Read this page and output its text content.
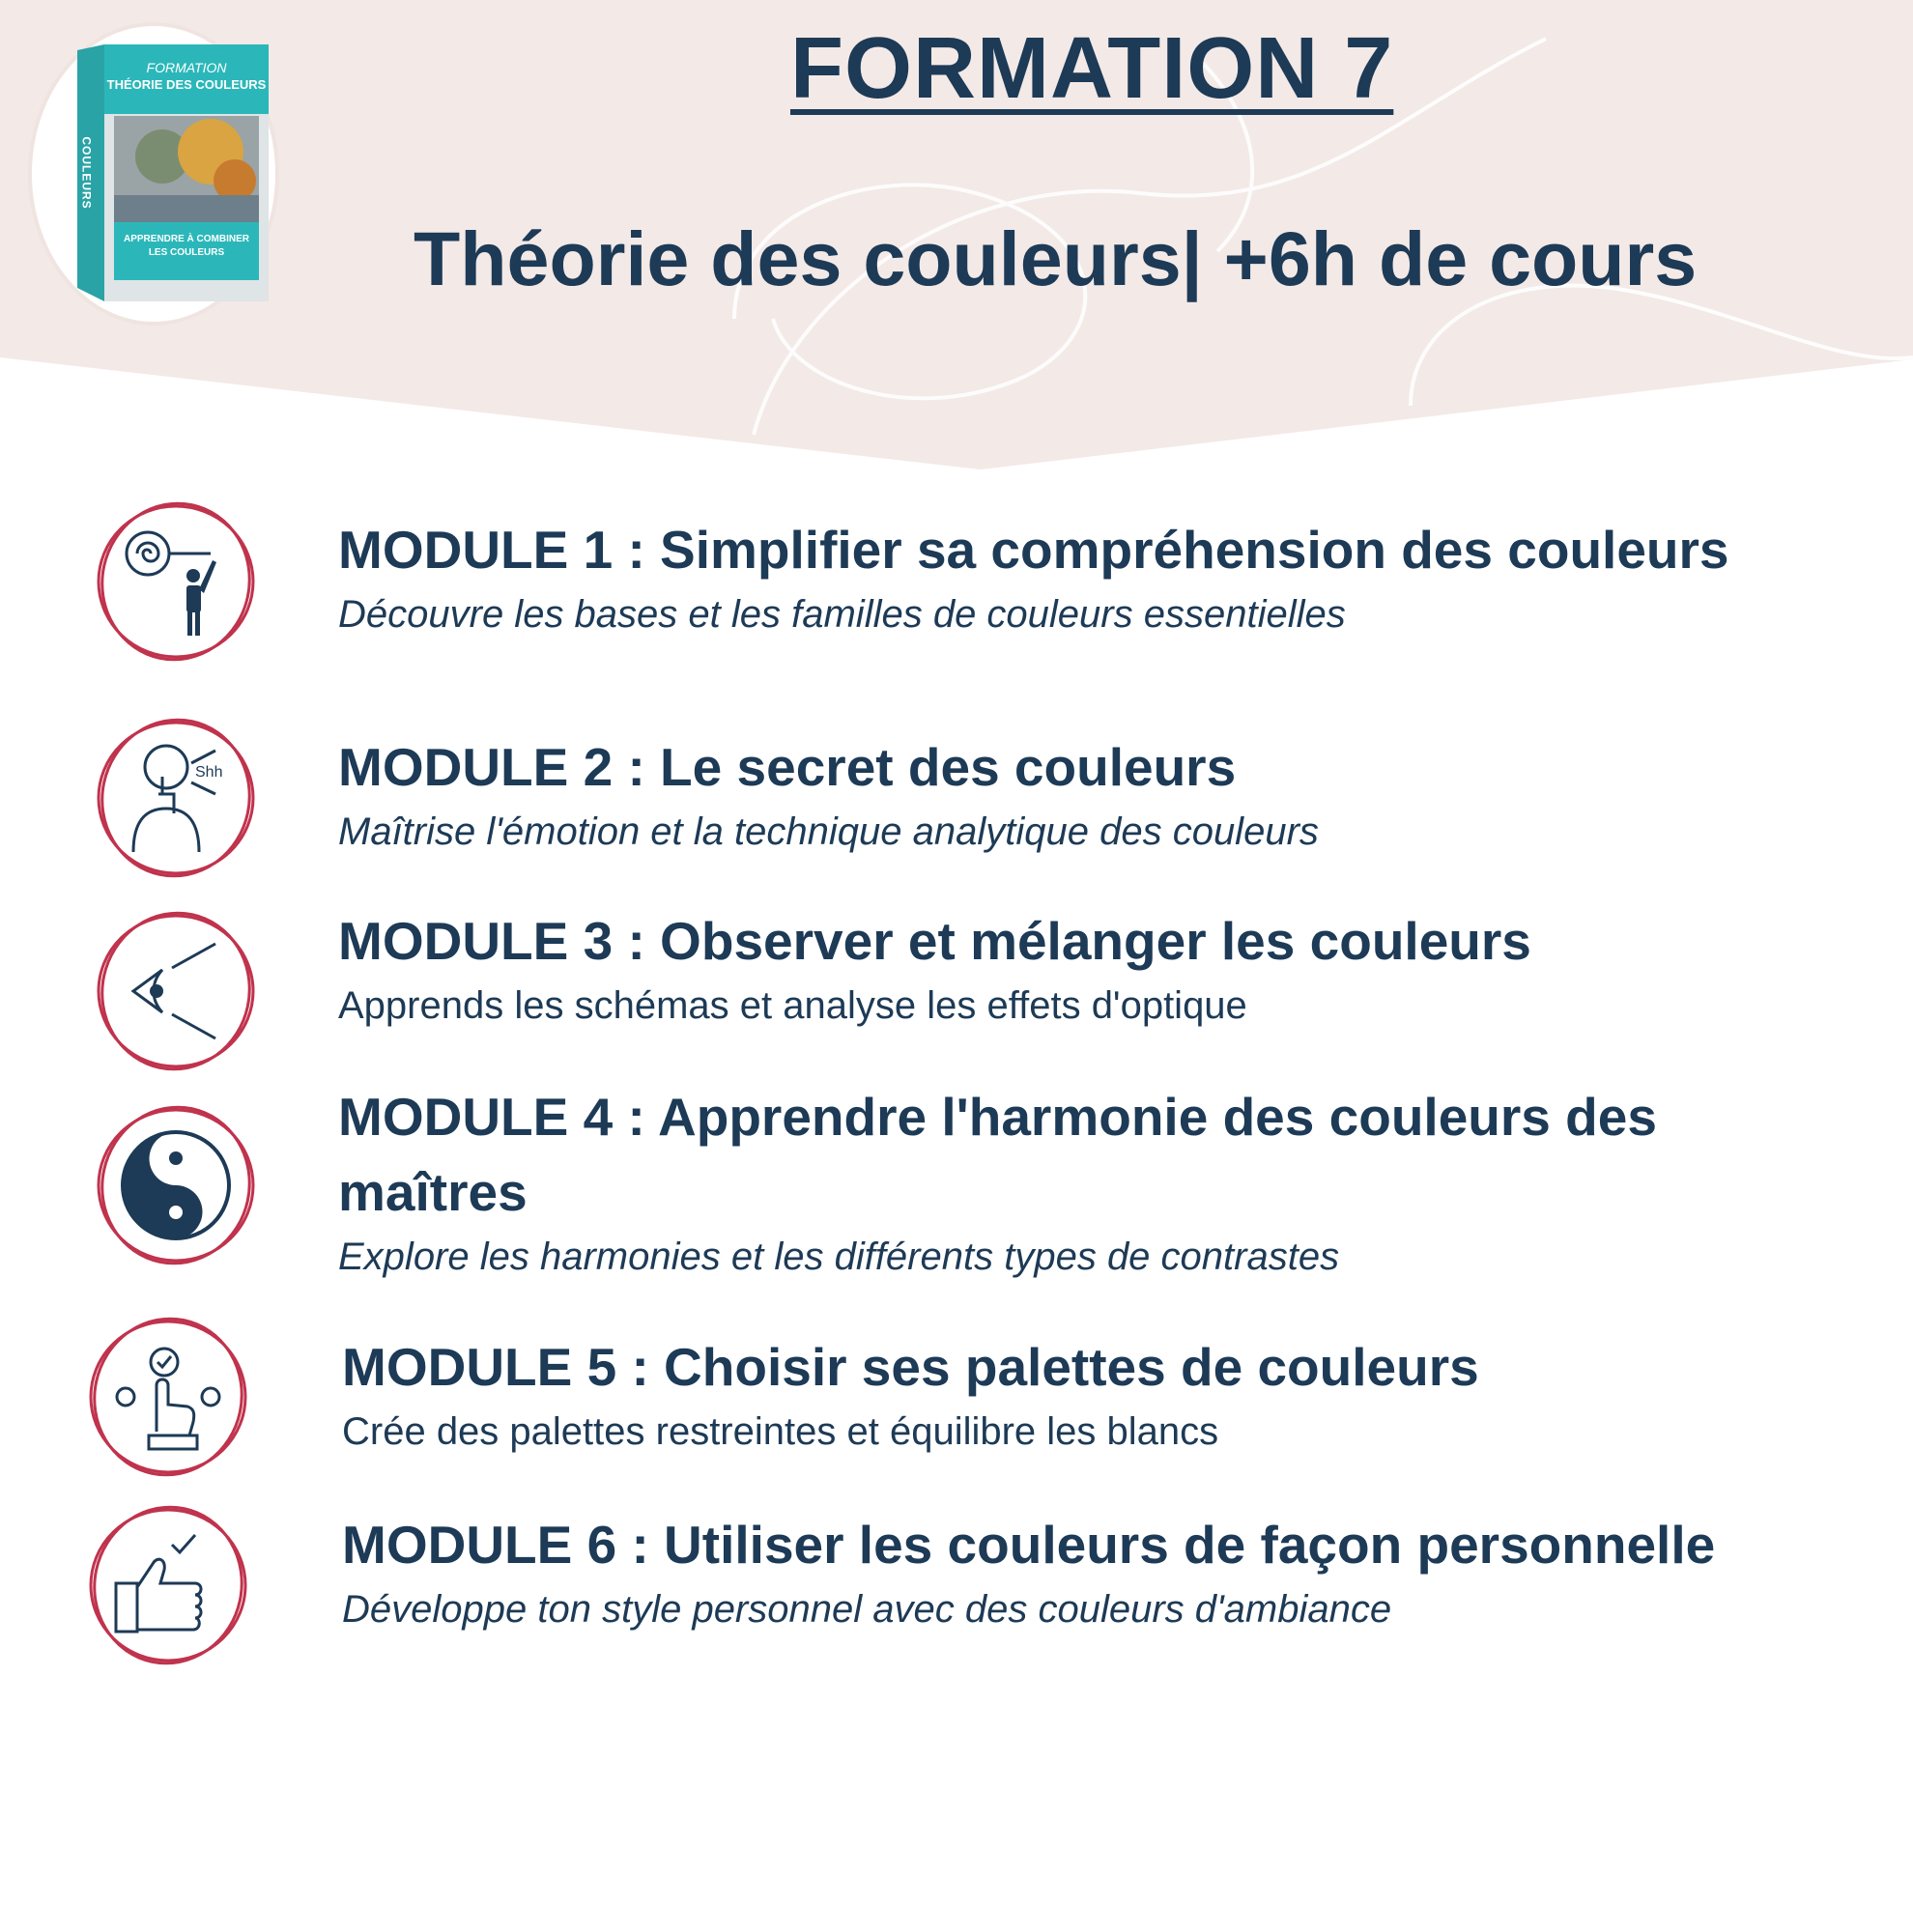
FORMATION
THÉORIE DES COULEURS
COULEURS
APPRENDRE À COMBINER
LES COULEURS
FORMATION 7
Théorie des couleurs| +6h de cours
MODULE 1 : Simplifier sa compréhension des couleurs
Découvre les bases et les familles de couleurs essentielles
Shh MODULE 2 : Le secret des couleurs
Maîtrise l'émotion et la technique analytique des couleurs
MODULE 3 : Observer et mélanger les couleurs
Apprends les schémas et analyse les effets d'optique
MODULE 4 : Apprendre l'harmonie des couleurs des
maîtres
Explore les harmonies et les différents types de contrastes
MODULE 5 : Choisir ses palettes de couleurs
Crée des palettes restreintes et équilibre les blancs
MODULE 6 : Utiliser les couleurs de façon personnelle
Développe ton style personnel avec des couleurs d'ambiance
